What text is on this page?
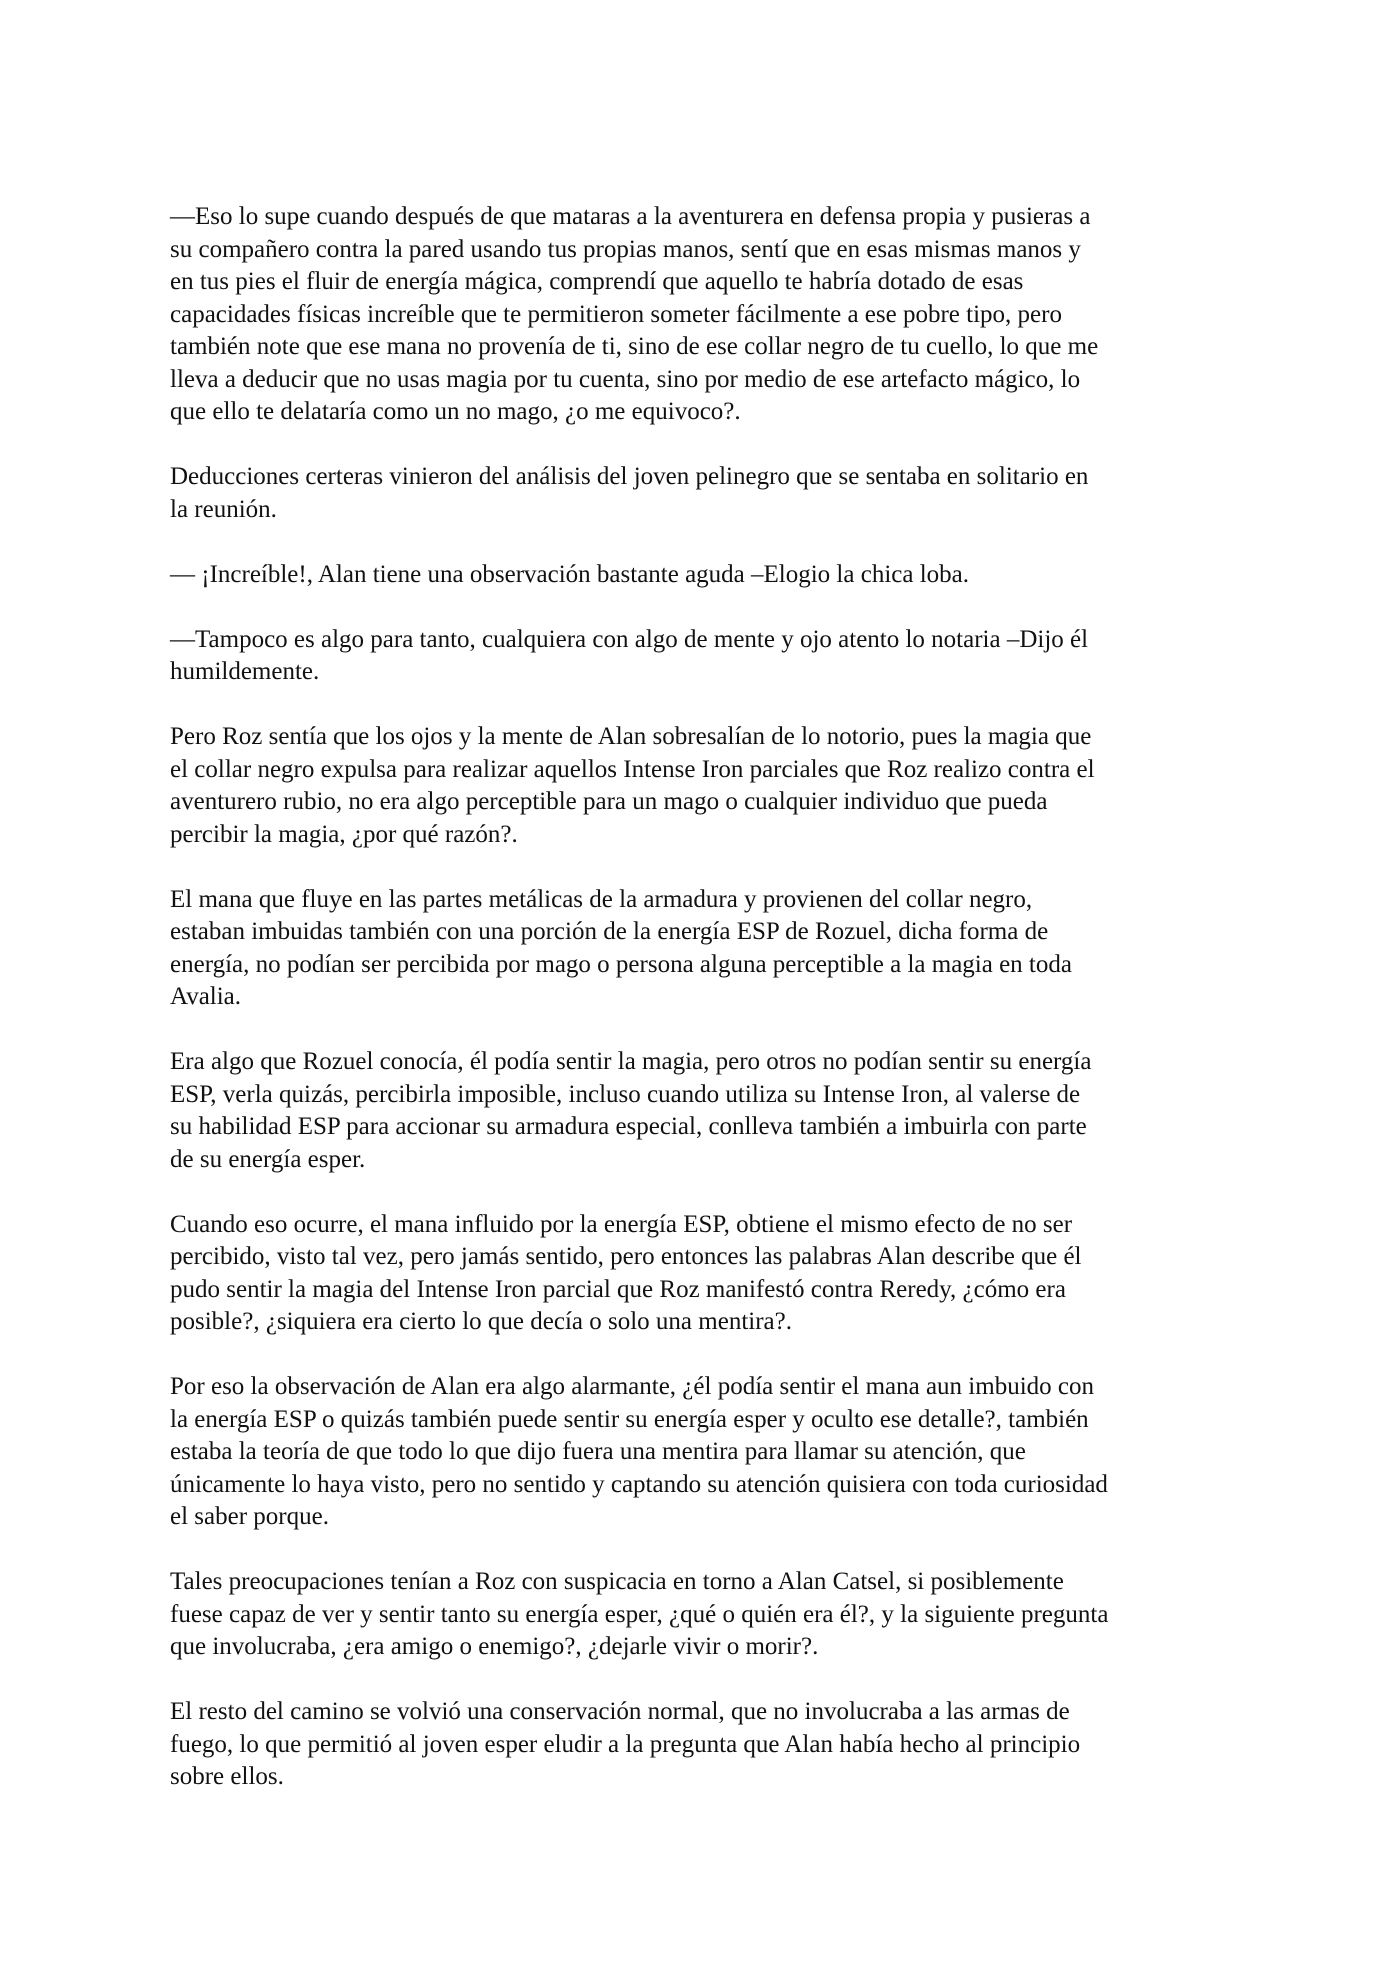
—Eso lo supe cuando después de que mataras a la aventurera en defensa propia y pusieras a
su compañero contra la pared usando tus propias manos, sentí que en esas mismas manos y
en tus pies el fluir de energía mágica, comprendí que aquello te habría dotado de esas
capacidades físicas increíble que te permitieron someter fácilmente a ese pobre tipo, pero
también note que ese mana no provenía de ti, sino de ese collar negro de tu cuello, lo que me
lleva a deducir que no usas magia por tu cuenta, sino por medio de ese artefacto mágico, lo
que ello te delataría como un no mago, ¿o me equivoco?.

Deducciones certeras vinieron del análisis del joven pelinegro que se sentaba en solitario en
la reunión.

— ¡Increíble!, Alan tiene una observación bastante aguda –Elogio la chica loba.

—Tampoco es algo para tanto, cualquiera con algo de mente y ojo atento lo notaria –Dijo él
humildemente.

Pero Roz sentía que los ojos y la mente de Alan sobresalían de lo notorio, pues la magia que
el collar negro expulsa para realizar aquellos Intense Iron parciales que Roz realizo contra el
aventurero rubio, no era algo perceptible para un mago o cualquier individuo que pueda
percibir la magia, ¿por qué razón?.

El mana que fluye en las partes metálicas de la armadura y provienen del collar negro,
estaban imbuidas también con una porción de la energía ESP de Rozuel, dicha forma de
energía, no podían ser percibida por mago o persona alguna perceptible a la magia en toda
Avalia.

Era algo que Rozuel conocía, él podía sentir la magia, pero otros no podían sentir su energía
ESP, verla quizás, percibirla imposible, incluso cuando utiliza su Intense Iron, al valerse de
su habilidad ESP para accionar su armadura especial, conlleva también a imbuirla con parte
de su energía esper.

Cuando eso ocurre, el mana influido por la energía ESP, obtiene el mismo efecto de no ser
percibido, visto tal vez, pero jamás sentido, pero entonces las palabras Alan describe que él
pudo sentir la magia del Intense Iron parcial que Roz manifestó contra Reredy, ¿cómo era
posible?, ¿siquiera era cierto lo que decía o solo una mentira?.

Por eso la observación de Alan era algo alarmante, ¿él podía sentir el mana aun imbuido con
la energía ESP o quizás también puede sentir su energía esper y oculto ese detalle?, también
estaba la teoría de que todo lo que dijo fuera una mentira para llamar su atención, que
únicamente lo haya visto, pero no sentido y captando su atención quisiera con toda curiosidad
el saber porque.

Tales preocupaciones tenían a Roz con suspicacia en torno a Alan Catsel, si posiblemente
fuese capaz de ver y sentir tanto su energía esper, ¿qué o quién era él?, y la siguiente pregunta
que involucraba, ¿era amigo o enemigo?, ¿dejarle vivir o morir?.

El resto del camino se volvió una conservación normal, que no involucraba a las armas de
fuego, lo que permitió al joven esper eludir a la pregunta que Alan había hecho al principio
sobre ellos.
